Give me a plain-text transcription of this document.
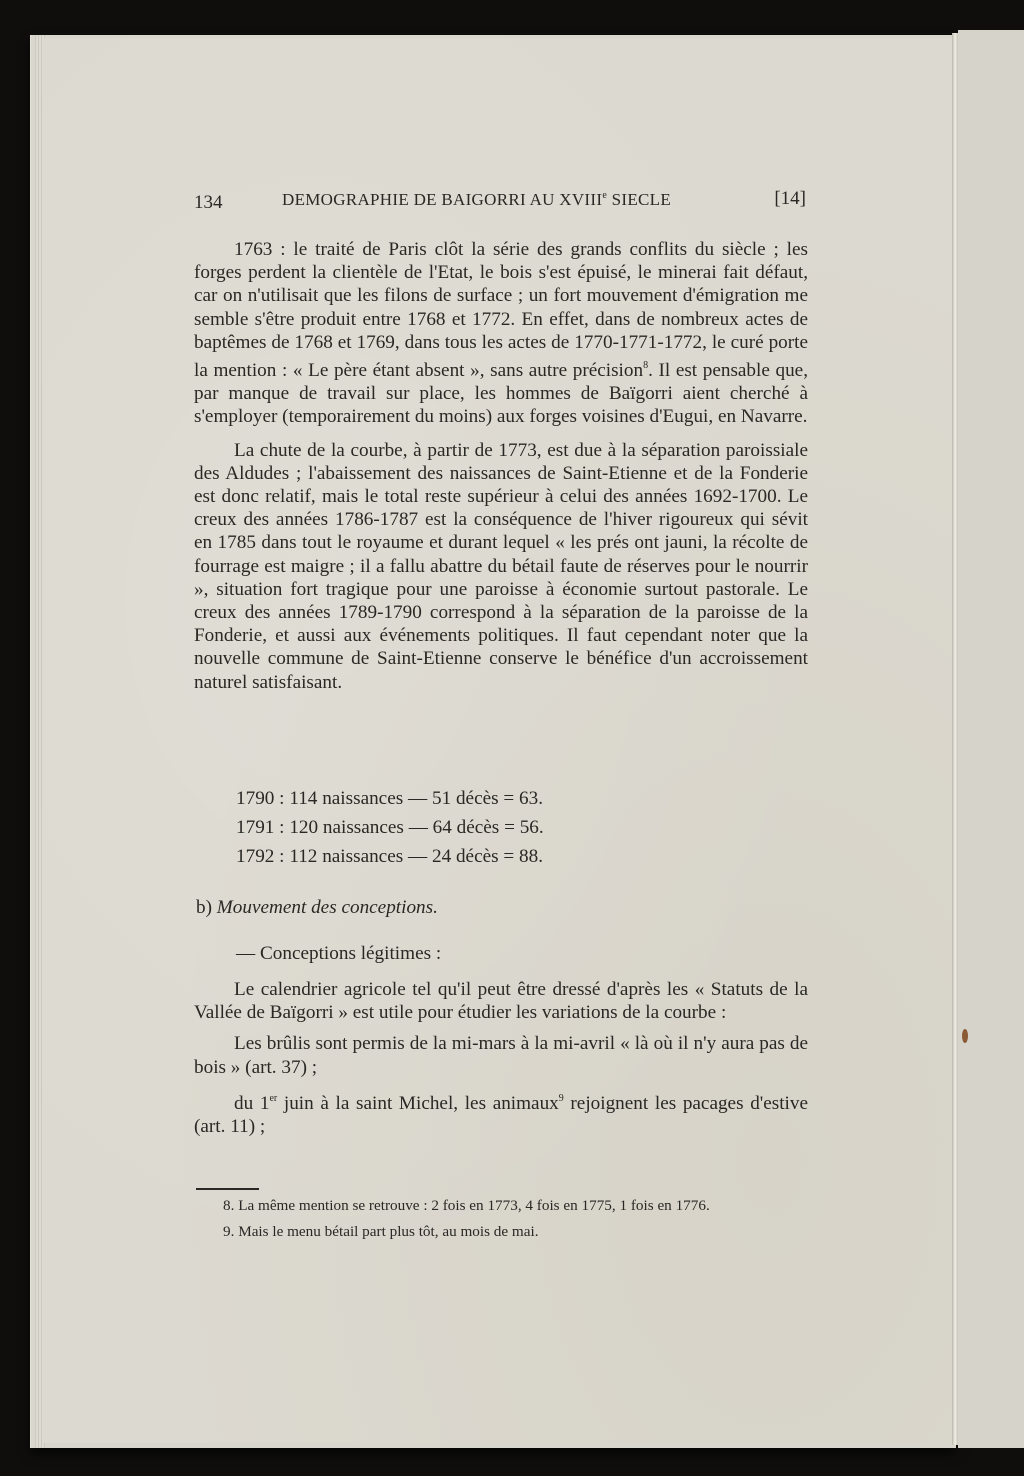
134	DEMOGRAPHIE DE BAIGORRI AU XVIIIe SIECLE	[14]

1763 : le traité de Paris clôt la série des grands conflits du siècle ; les forges perdent la clientèle de l'Etat, le bois s'est épuisé, le minerai fait défaut, car on n'utilisait que les filons de surface ; un fort mouvement d'émigration me semble s'être produit entre 1768 et 1772. En effet, dans de nombreux actes de baptêmes de 1768 et 1769, dans tous les actes de 1770-1771-1772, le curé porte la mention : « Le père étant absent », sans autre précision$^8$. Il est pensable que, par manque de travail sur place, les hommes de Baïgorri aient cherché à s'employer (temporairement du moins) aux forges voisines d'Eugui, en Navarre.

La chute de la courbe, à partir de 1773, est due à la séparation paroissiale des Aldudes ; l'abaissement des naissances de Saint-Etienne et de la Fonderie est donc relatif, mais le total reste supérieur à celui des années 1692-1700. Le creux des années 1786-1787 est la conséquence de l'hiver rigoureux qui sévit en 1785 dans tout le royaume et durant lequel « les prés ont jauni, la récolte de fourrage est maigre ; il a fallu abattre du bétail faute de réserves pour le nourrir », situation fort tragique pour une paroisse à économie surtout pastorale. Le creux des années 1789-1790 correspond à la séparation de la paroisse de la Fonderie, et aussi aux événements politiques. Il faut cependant noter que la nouvelle commune de Saint-Etienne conserve le bénéfice d'un accroissement naturel satisfaisant.

1790 : 114 naissances — 51 décès = 63.
1791 : 120 naissances — 64 décès = 56.
1792 : 112 naissances — 24 décès = 88.
b) Mouvement des conceptions.
— Conceptions légitimes :

Le calendrier agricole tel qu'il peut être dressé d'après les « Statuts de la Vallée de Baïgorri » est utile pour étudier les variations de la courbe :

Les brûlis sont permis de la mi-mars à la mi-avril « là où il n'y aura pas de bois » (art. 37) ;

du 1er juin à la saint Michel, les animaux$^9$ rejoignent les pacages d'estive (art. 11) ;

8. La même mention se retrouve : 2 fois en 1773, 4 fois en 1775, 1 fois en 1776.

9. Mais le menu bétail part plus tôt, au mois de mai.
